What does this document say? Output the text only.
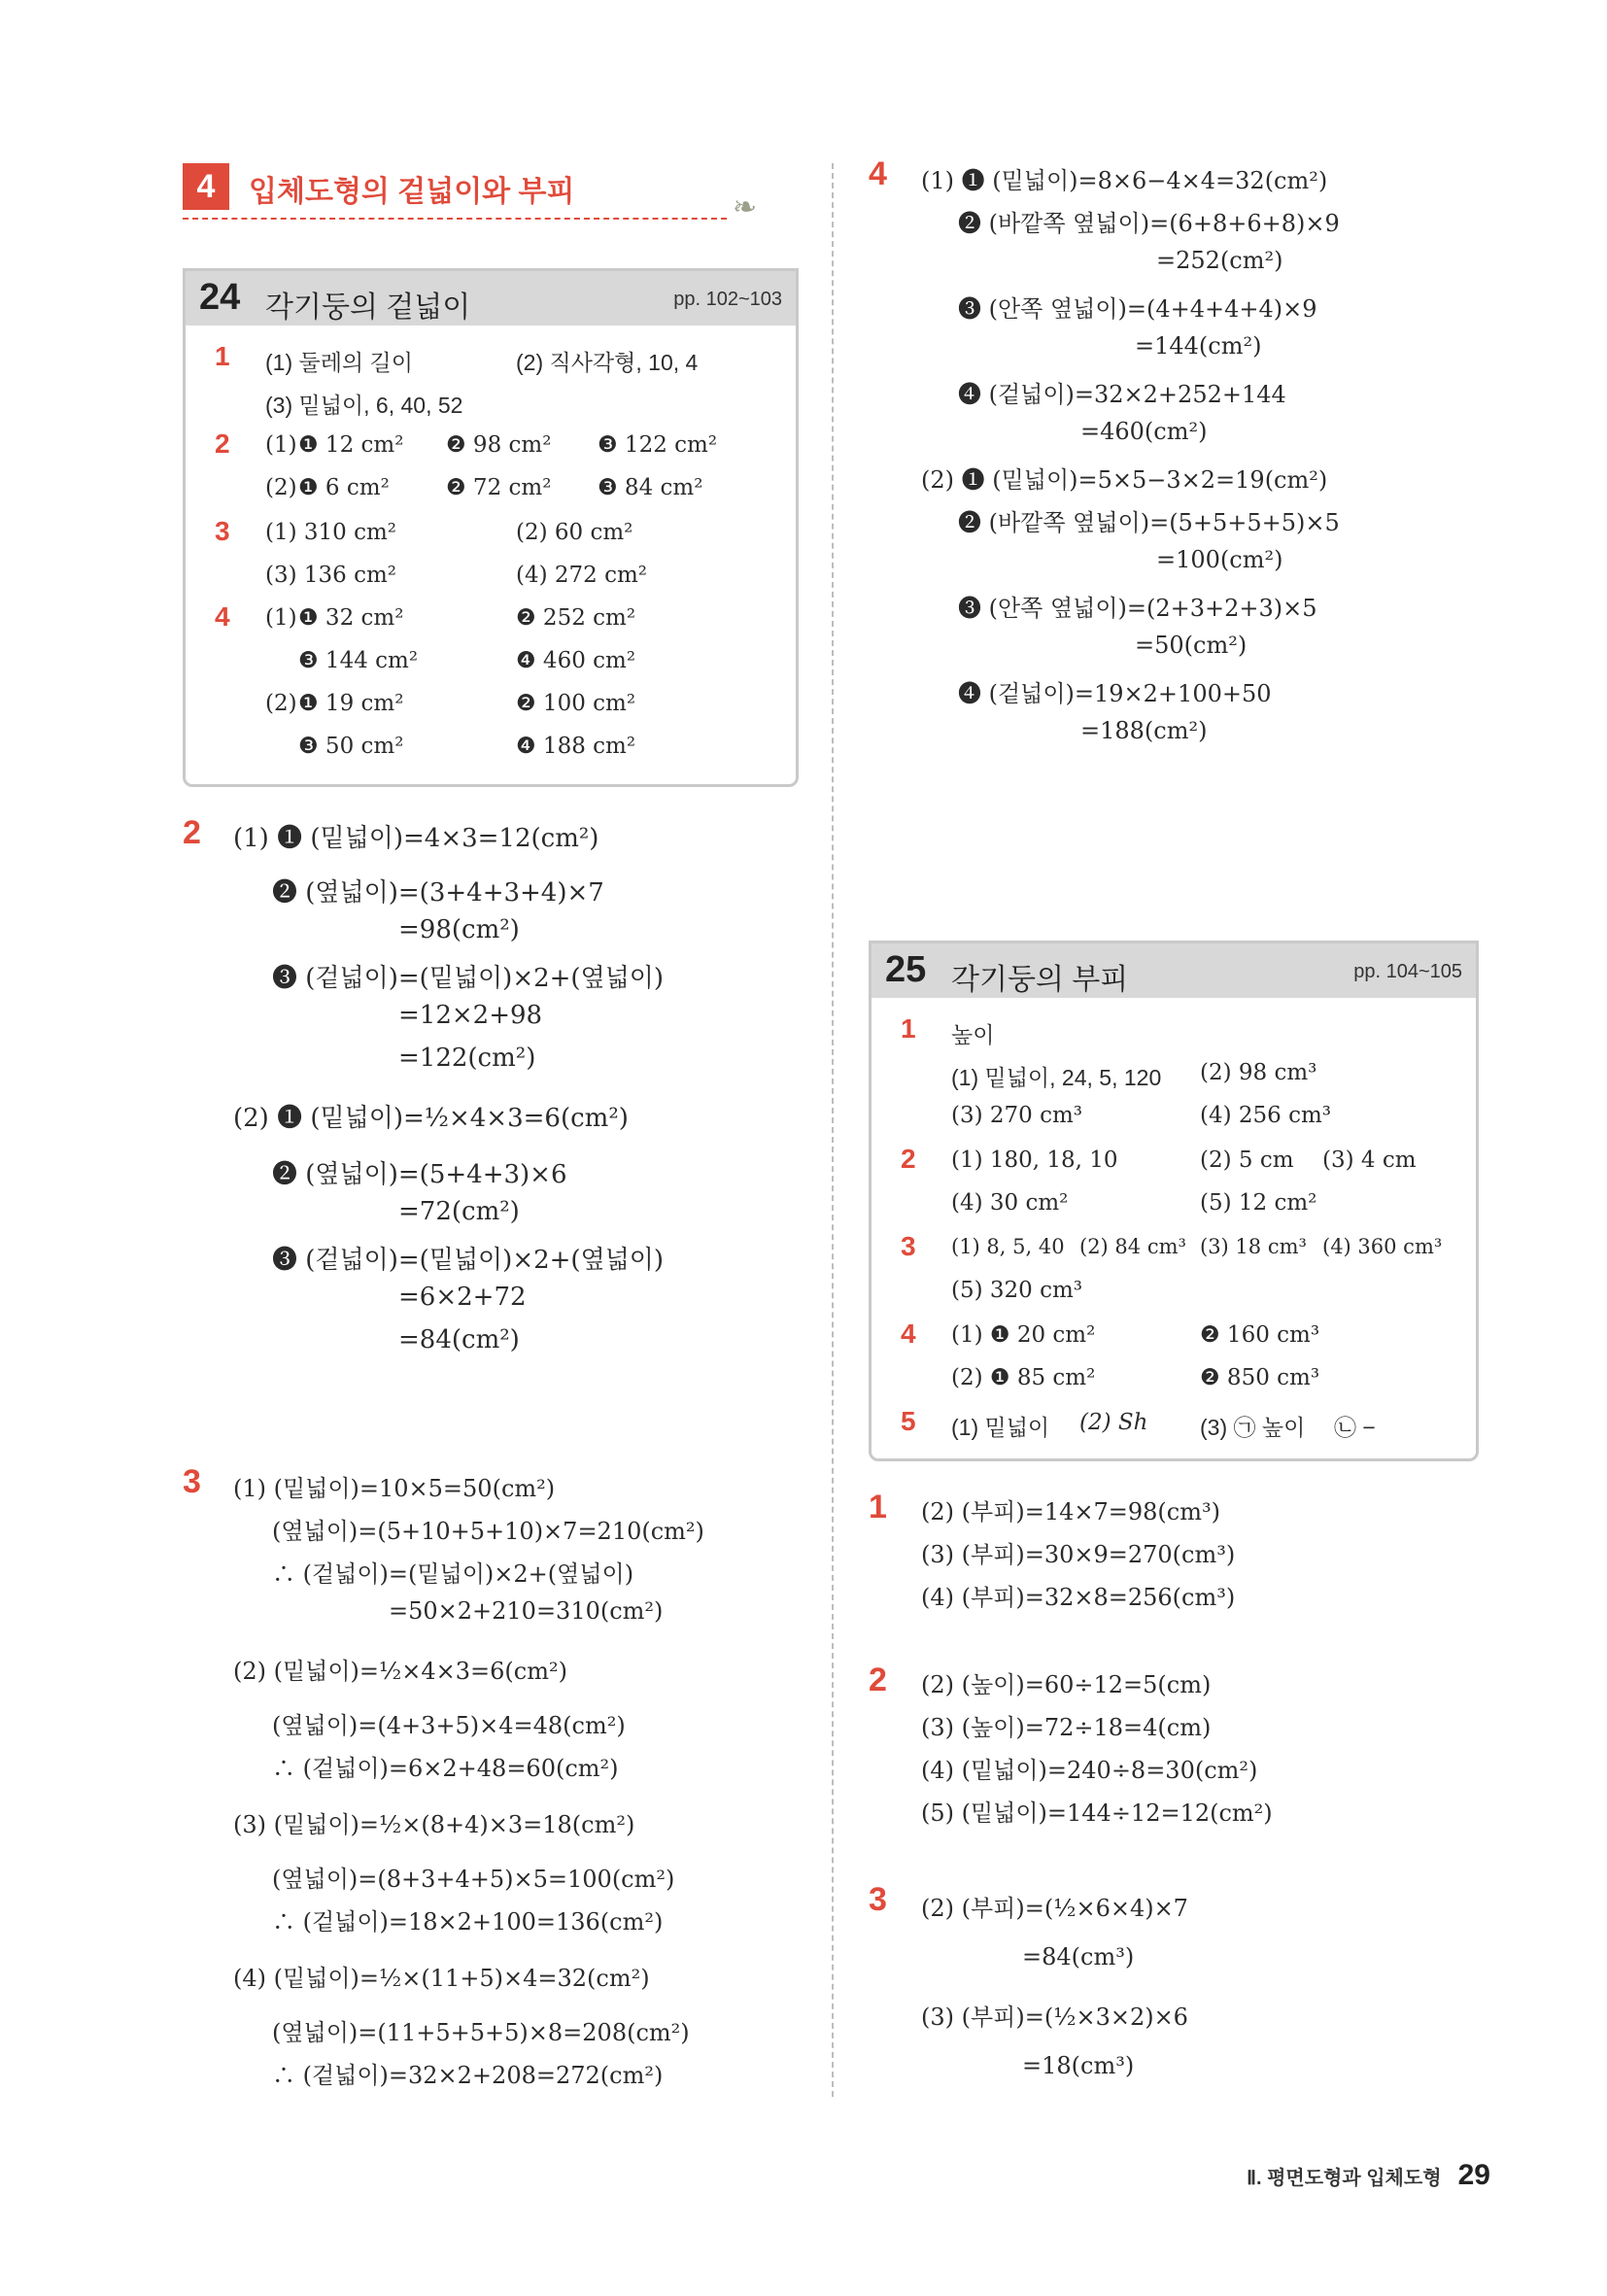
4	입체도형의 겉넓이와 부피	❧
24 각기둥의 겉넓이	pp. 102~103
1 (1) 둘레의 길이	(2) 직사각형, 10, 4
(3) 밑넓이, 6, 40, 52
2 (1) ❶ 12 cm² ❷ 98 cm² ❸ 122 cm²
(2) ❶ 6 cm²	❷ 72 cm² ❸ 84 cm²
3 (1) 310 cm²	(2) 60 cm²
(3) 136 cm²	(4) 272 cm²
4 (1) ❶ 32 cm²	❷ 252 cm²
❸ 144 cm²	❹ 460 cm²
(2) ❶ 19 cm²	❷ 100 cm²
❸ 50 cm²	❹ 188 cm²
2 (1) ❶ (밑넓이)=4×3=12(cm²)
❷ (옆넓이)=(3+4+3+4)×7
=98(cm²)
❸ (겉넓이)=(밑넓이)×2+(옆넓이)
=12×2+98
=122(cm²)
(2) ❶ (밑넓이)=½×4×3=6(cm²)
❷ (옆넓이)=(5+4+3)×6
=72(cm²)
❸ (겉넓이)=(밑넓이)×2+(옆넓이)
=6×2+72
=84(cm²)
3 (1) (밑넓이)=10×5=50(cm²)
(옆넓이)=(5+10+5+10)×7=210(cm²)
∴ (겉넓이)=(밑넓이)×2+(옆넓이)
=50×2+210=310(cm²)
(2) (밑넓이)=½×4×3=6(cm²)
(옆넓이)=(4+3+5)×4=48(cm²)
∴ (겉넓이)=6×2+48=60(cm²)
(3) (밑넓이)=½×(8+4)×3=18(cm²)
(옆넓이)=(8+3+4+5)×5=100(cm²)
∴ (겉넓이)=18×2+100=136(cm²)
(4) (밑넓이)=½×(11+5)×4=32(cm²)
(옆넓이)=(11+5+5+5)×8=208(cm²)
∴ (겉넓이)=32×2+208=272(cm²)
4 (1) ❶ (밑넓이)=8×6−4×4=32(cm²)
❷ (바깥쪽 옆넓이)=(6+8+6+8)×9
=252(cm²)
❸ (안쪽 옆넓이)=(4+4+4+4)×9
=144(cm²)
❹ (겉넓이)=32×2+252+144
=460(cm²)
(2) ❶ (밑넓이)=5×5−3×2=19(cm²)
❷ (바깥쪽 옆넓이)=(5+5+5+5)×5
=100(cm²)
❸ (안쪽 옆넓이)=(2+3+2+3)×5
=50(cm²)
❹ (겉넓이)=19×2+100+50
=188(cm²)
25 각기둥의 부피	pp. 104~105
1 높이
(1) 밑넓이, 24, 5, 120 (2) 98 cm³
(3) 270 cm³	(4) 256 cm³
2 (1) 180, 18, 10	(2) 5 cm (3) 4 cm
(4) 30 cm²	(5) 12 cm²
3 (1) 8, 5, 40 (2) 84 cm³ (3) 18 cm³ (4) 360 cm³
(5) 320 cm³
4 (1) ❶ 20 cm²	❷ 160 cm³
(2) ❶ 85 cm²	❷ 850 cm³
5 (1) 밑넓이 (2) Sh (3) ㉠ 높이 ㉡ −
1 (2) (부피)=14×7=98(cm³)
(3) (부피)=30×9=270(cm³)
(4) (부피)=32×8=256(cm³)
2 (2) (높이)=60÷12=5(cm)
(3) (높이)=72÷18=4(cm)
(4) (밑넓이)=240÷8=30(cm²)
(5) (밑넓이)=144÷12=12(cm²)
3 (2) (부피)=(½×6×4)×7
=84(cm³)
(3) (부피)=(½×3×2)×6
=18(cm³)
Ⅱ. 평면도형과 입체도형 29
